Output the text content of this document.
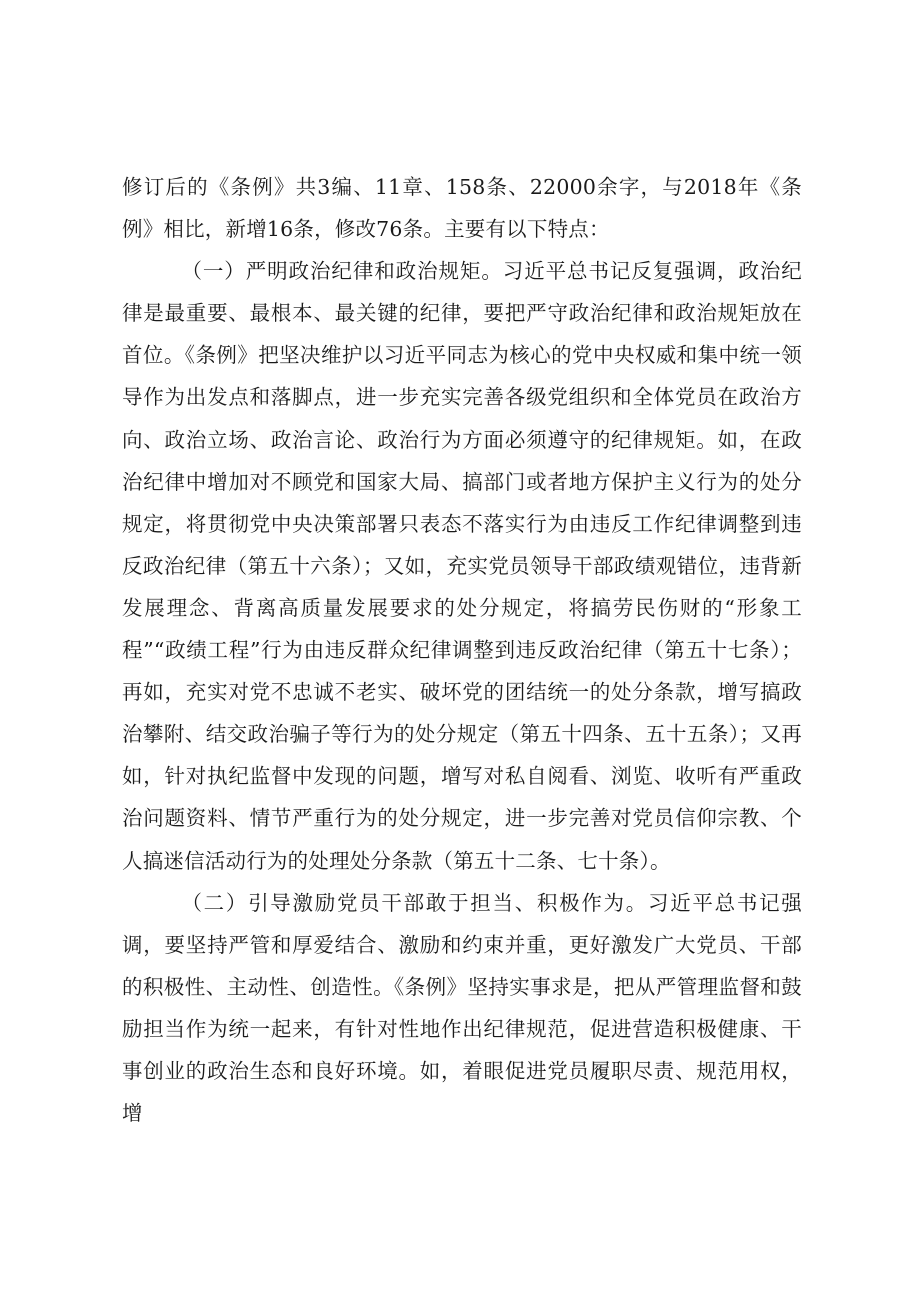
修订后的《条例》共3编、11章、158条、22000余字，与2018年《条例》相比，新增16条，修改76条。主要有以下特点：

（一）严明政治纪律和政治规矩。习近平总书记反复强调，政治纪律是最重要、最根本、最关键的纪律，要把严守政治纪律和政治规矩放在首位。《条例》把坚决维护以习近平同志为核心的党中央权威和集中统一领导作为出发点和落脚点，进一步充实完善各级党组织和全体党员在政治方向、政治立场、政治言论、政治行为方面必须遵守的纪律规矩。如，在政治纪律中增加对不顾党和国家大局、搞部门或者地方保护主义行为的处分规定，将贯彻党中央决策部署只表态不落实行为由违反工作纪律调整到违反政治纪律（第五十六条）；又如，充实党员领导干部政绩观错位，违背新发展理念、背离高质量发展要求的处分规定，将搞劳民伤财的“形象工程”“政绩工程”行为由违反群众纪律调整到违反政治纪律（第五十七条）；再如，充实对党不忠诚不老实、破坏党的团结统一的处分条款，增写搞政治攀附、结交政治骗子等行为的处分规定（第五十四条、五十五条）；又再如，针对执纪监督中发现的问题，增写对私自阅看、浏览、收听有严重政治问题资料、情节严重行为的处分规定，进一步完善对党员信仰宗教、个人搞迷信活动行为的处理处分条款（第五十二条、七十条）。

（二）引导激励党员干部敢于担当、积极作为。习近平总书记强调，要坚持严管和厚爱结合、激励和约束并重，更好激发广大党员、干部的积极性、主动性、创造性。《条例》坚持实事求是，把从严管理监督和鼓励担当作为统一起来，有针对性地作出纪律规范，促进营造积极健康、干事创业的政治生态和良好环境。如，着眼促进党员履职尽责、规范用权，增
